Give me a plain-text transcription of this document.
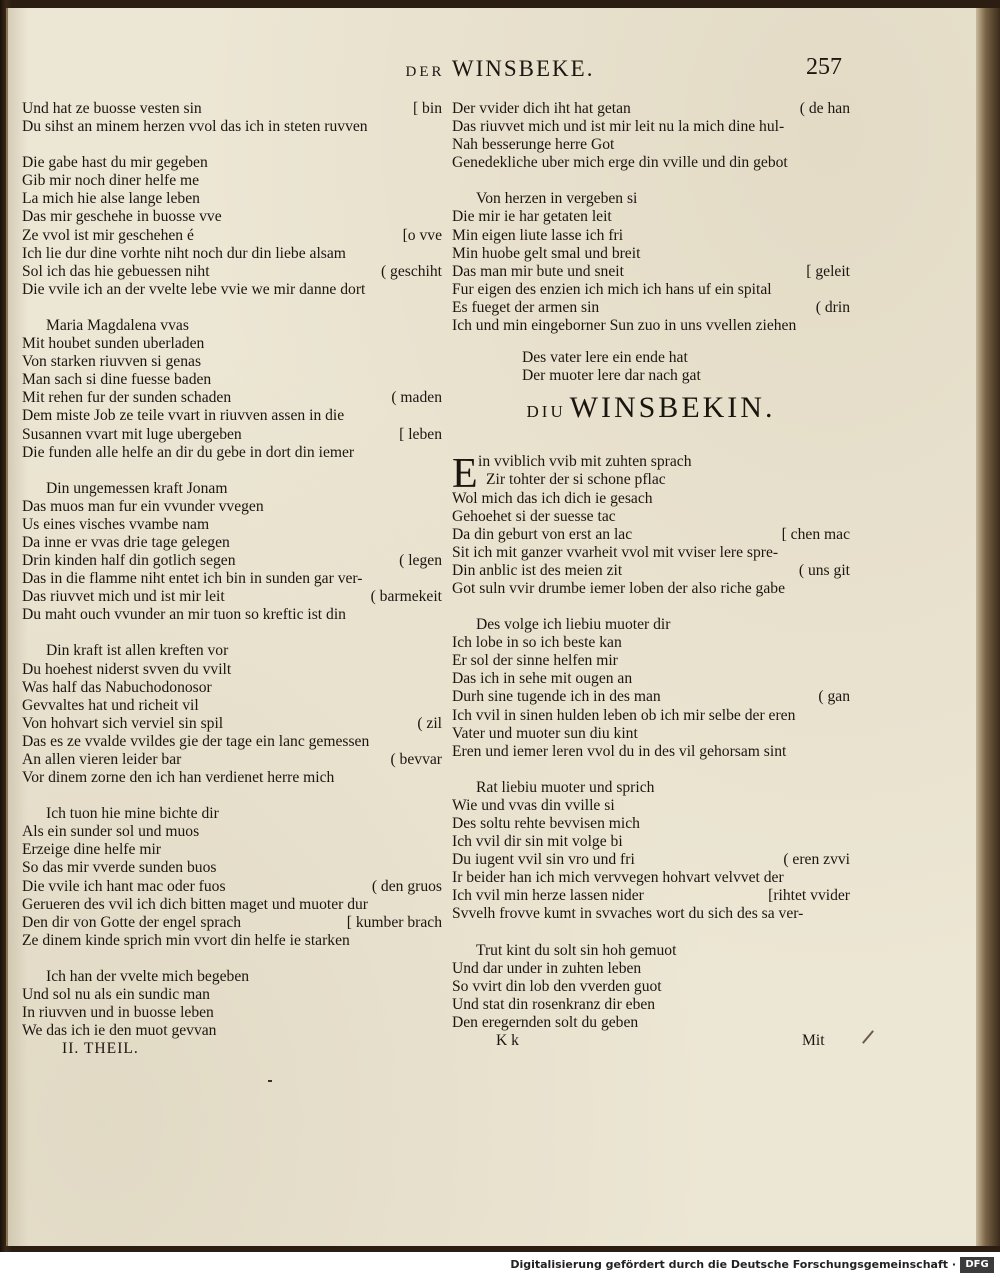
DER WINSBEKE.	257
Und hat ze buosse vesten sin	[ bin
Du sihst an minem herzen vvol das ich in steten ruvven
Die gabe hast du mir gegeben
Gib mir noch diner helfe me
La mich hie alse lange leben
Das mir geschehe in buosse vve
Ze vvol ist mir geschehen é	[o vve
Ich lie dur dine vorhte niht noch dur din liebe alsam
Sol ich das hie gebuessen niht	( geschiht
Die vvile ich an der vvelte lebe vvie we mir danne dort
Maria Magdalena vvas
Mit houbet sunden uberladen
Von starken riuvven si genas
Man sach si dine fuesse baden
Mit rehen fur der sunden schaden	( maden
Dem miste Job ze teile vvart in riuvven assen in die
Susannen vvart mit luge ubergeben	[ leben
Die funden alle helfe an dir du gebe in dort din iemer
Din ungemessen kraft Jonam
Das muos man fur ein vvunder vvegen
Us eines visches vvambe nam
Da inne er vvas drie tage gelegen
Drin kinden half din gotlich segen	( legen
Das in die flamme niht entet ich bin in sunden gar ver-
Das riuvvet mich und ist mir leit	( barmekeit
Du maht ouch vvunder an mir tuon so kreftic ist din
Din kraft ist allen kreften vor
Du hoehest niderst svven du vvilt
Was half das Nabuchodonosor
Gevvaltes hat und richeit vil
Von hohvart sich verviel sin spil	( zil
Das es ze vvalde vvildes gie der tage ein lanc gemessen
An allen vieren leider bar	( bevvar
Vor dinem zorne den ich han verdienet herre mich
Ich tuon hie mine bichte dir
Als ein sunder sol und muos
Erzeige dine helfe mir
So das mir vverde sunden buos
Die vvile ich hant mac oder fuos	( den gruos
Gerueren des vvil ich dich bitten maget und muoter dur
Den dir von Gotte der engel sprach	[ kumber brach
Ze dinem kinde sprich min vvort din helfe ie starken
Ich han der vvelte mich begeben
Und sol nu als ein sundic man
In riuvven und in buosse leben
We das ich ie den muot gevvan
II. THEIL.
Der vvider dich iht hat getan	( de han
Das riuvvet mich und ist mir leit nu la mich dine hul-
Nah besserunge herre Got
Genedekliche uber mich erge din vville und din gebot
Von herzen in vergeben si
Die mir ie har getaten leit
Min eigen liute lasse ich fri
Min huobe gelt smal und breit
Das man mir bute und sneit	[ geleit
Fur eigen des enzien ich mich ich hans uf ein spital
Es fueget der armen sin	( drin
Ich und min eingeborner Sun zuo in uns vvellen ziehen
Des vater lere ein ende hat
Der muoter lere dar nach gat
DIU WINSBEKIN.
E in vviblich vvib mit zuhten sprach
Zir tohter der si schone pflac
Wol mich das ich dich ie gesach
Gehoehet si der suesse tac
Da din geburt von erst an lac	[ chen mac
Sit ich mit ganzer vvarheit vvol mit vviser lere spre-
Din anblic ist des meien zit	( uns git
Got suln vvir drumbe iemer loben der also riche gabe
Des volge ich liebiu muoter dir
Ich lobe in so ich beste kan
Er sol der sinne helfen mir
Das ich in sehe mit ougen an
Durh sine tugende ich in des man	( gan
Ich vvil in sinen hulden leben ob ich mir selbe der eren
Vater und muoter sun diu kint
Eren und iemer leren vvol du in des vil gehorsam sint
Rat liebiu muoter und sprich
Wie und vvas din vville si
Des soltu rehte bevvisen mich
Ich vvil dir sin mit volge bi
Du iugent vvil sin vro und fri	( eren zvvi
Ir beider han ich mich vervvegen hohvart velvvet der
Ich vvil min herze lassen nider	[rihtet vvider
Svvelh frovve kumt in svvaches wort du sich des sa ver-
Trut kint du solt sin hoh gemuot
Und dar under in zuhten leben
So vvirt din lob den vverden guot
Und stat din rosenkranz dir eben
Den eregernden solt du geben
K k	Mit
Digitalisierung gefördert durch die Deutsche Forschungsgemeinschaft · DFG
